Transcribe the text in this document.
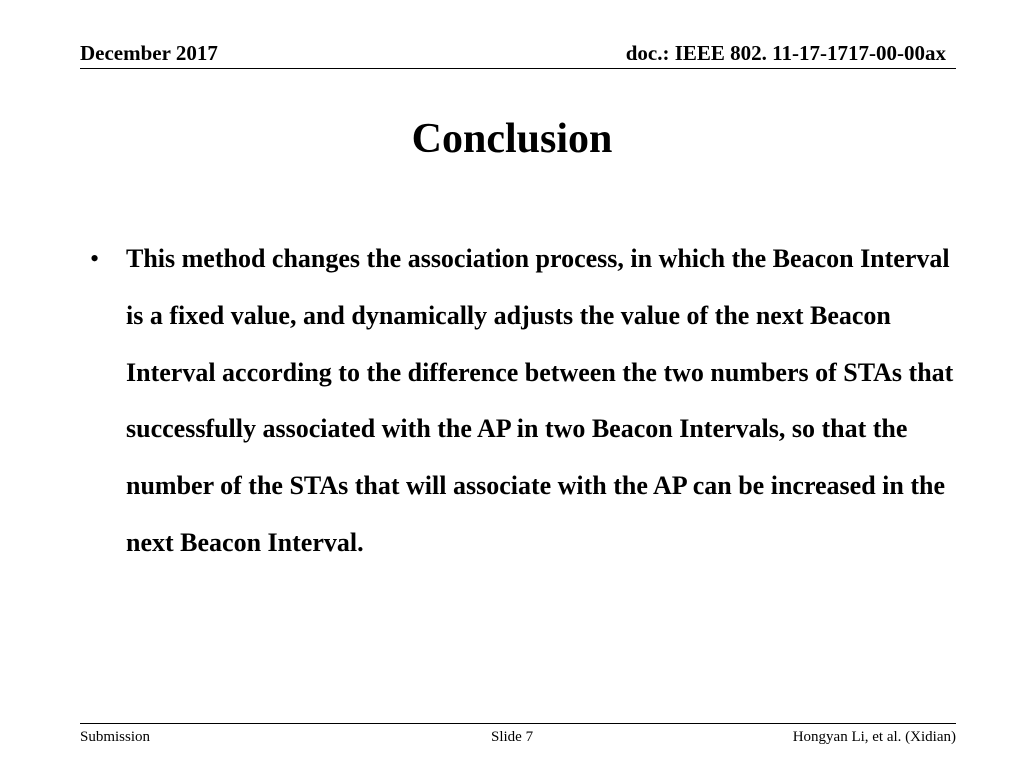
December 2017	doc.: IEEE 802. 11-17-1717-00-00ax
Conclusion
• This method changes the association process, in which the Beacon Interval is a fixed value, and dynamically adjusts the value of the next Beacon Interval according to the difference between the two numbers of STAs that successfully associated with the AP in two Beacon Intervals, so that the number of the STAs that will associate with the AP can be increased in the next Beacon Interval.
Submission	Slide 7	Hongyan Li, et al. (Xidian)
